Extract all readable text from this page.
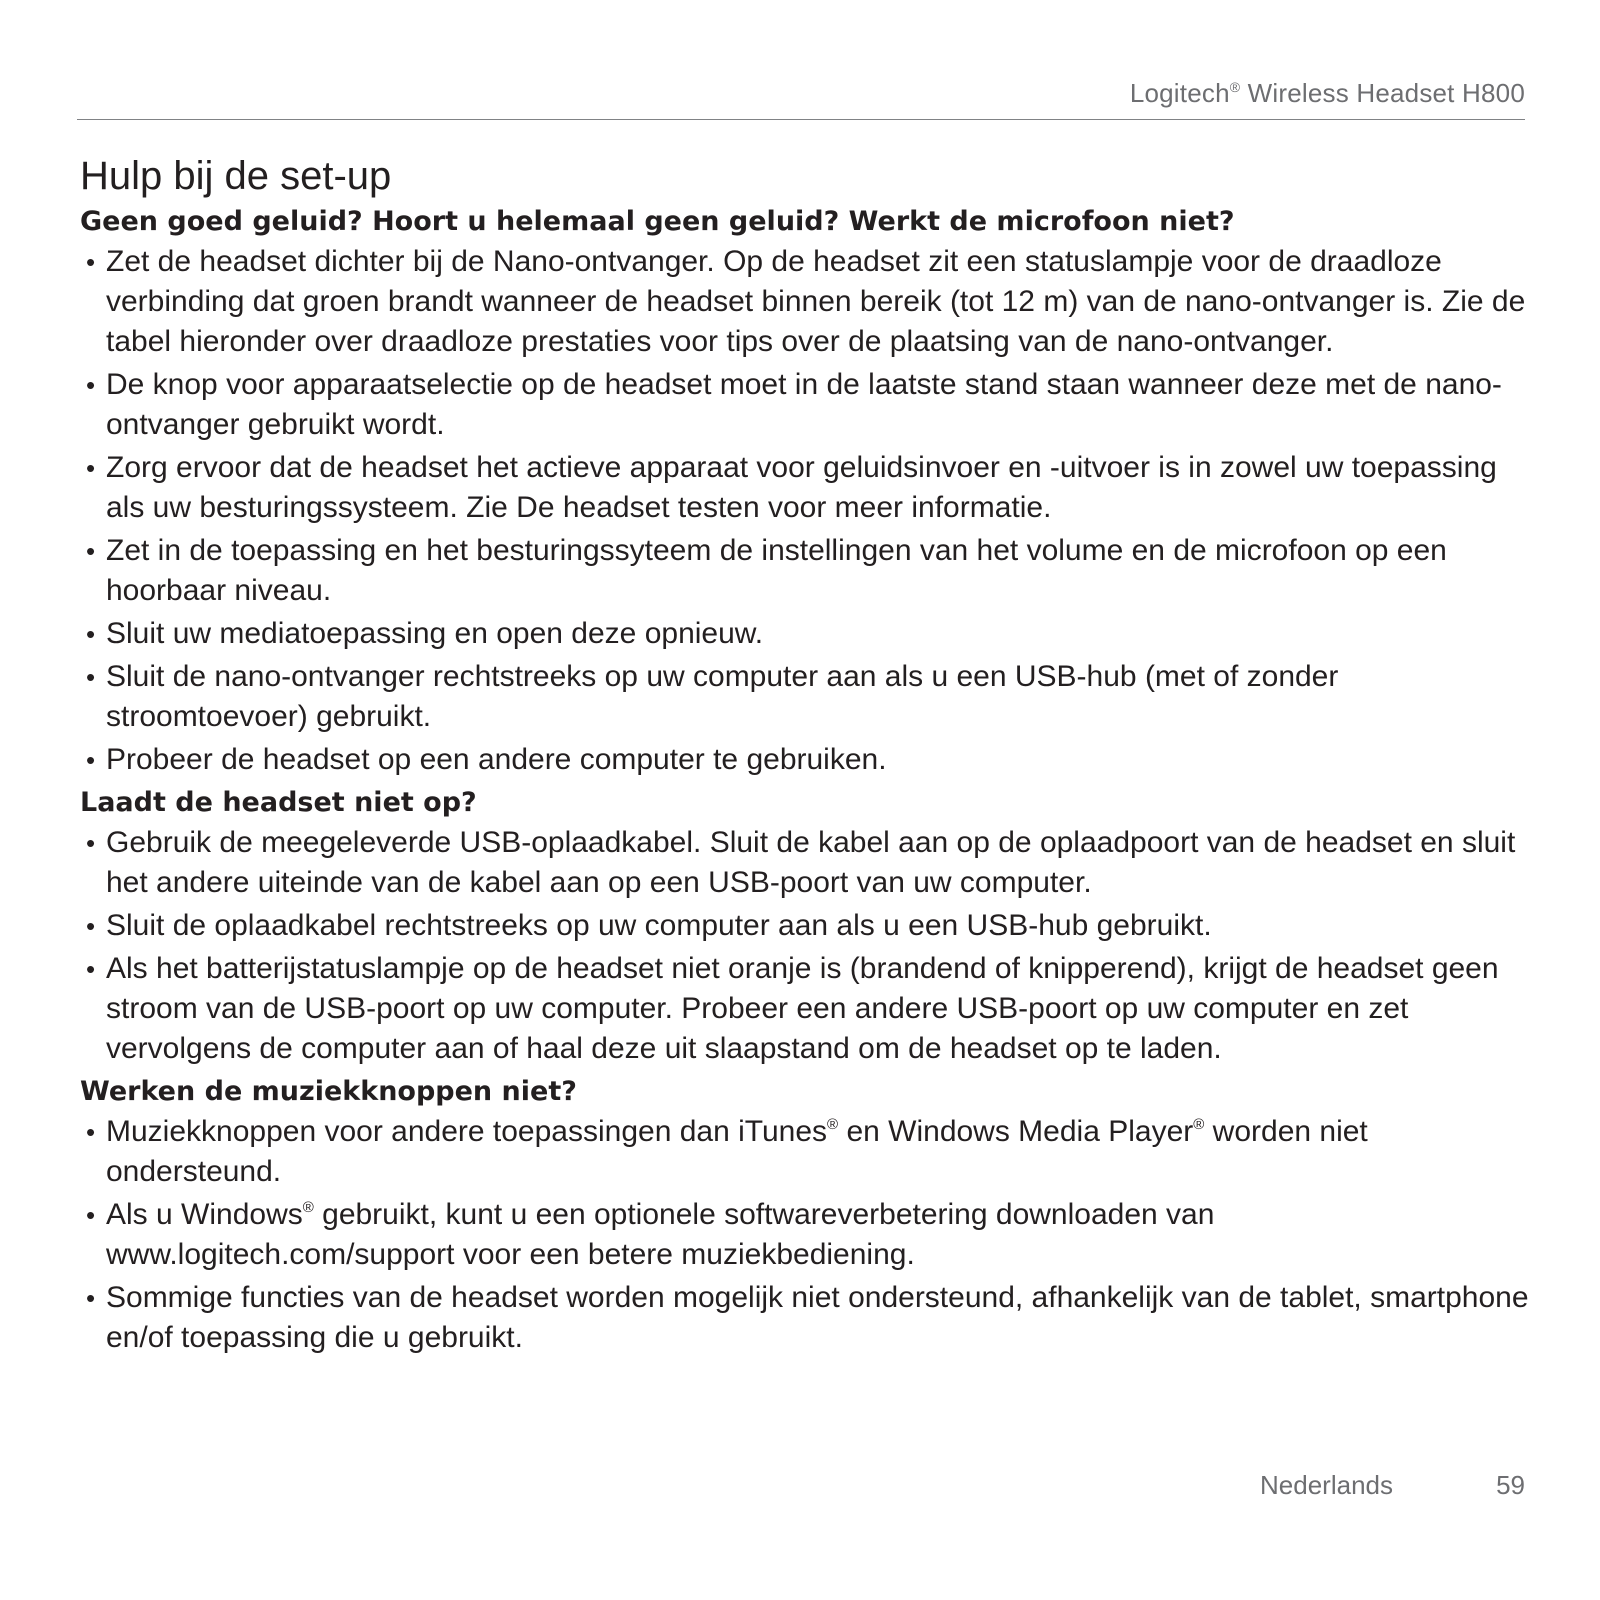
Logitech® Wireless Headset H800
Hulp bij de set-up
Geen goed geluid? Hoort u helemaal geen geluid? Werkt de microfoon niet?
• Zet de headset dichter bij de Nano-ontvanger. Op de headset zit een statuslampje voor de draadloze verbinding dat groen brandt wanneer de headset binnen bereik (tot 12 m) van de nano-ontvanger is. Zie de tabel hieronder over draadloze prestaties voor tips over de plaatsing van de nano-ontvanger.
• De knop voor apparaatselectie op de headset moet in de laatste stand staan wanneer deze met de nano-ontvanger gebruikt wordt.
• Zorg ervoor dat de headset het actieve apparaat voor geluidsinvoer en -uitvoer is in zowel uw toepassing als uw besturingssysteem. Zie De headset testen voor meer informatie.
• Zet in de toepassing en het besturingssyteem de instellingen van het volume en de microfoon op een hoorbaar niveau.
• Sluit uw mediatoepassing en open deze opnieuw.
• Sluit de nano-ontvanger rechtstreeks op uw computer aan als u een USB-hub (met of zonder stroomtoevoer) gebruikt.
• Probeer de headset op een andere computer te gebruiken.
Laadt de headset niet op?
• Gebruik de meegeleverde USB-oplaadkabel. Sluit de kabel aan op de oplaadpoort van de headset en sluit het andere uiteinde van de kabel aan op een USB-poort van uw computer.
• Sluit de oplaadkabel rechtstreeks op uw computer aan als u een USB-hub gebruikt.
• Als het batterijstatuslampje op de headset niet oranje is (brandend of knipperend), krijgt de headset geen stroom van de USB-poort op uw computer. Probeer een andere USB-poort op uw computer en zet vervolgens de computer aan of haal deze uit slaapstand om de headset op te laden.
Werken de muziekknoppen niet?
• Muziekknoppen voor andere toepassingen dan iTunes® en Windows Media Player® worden niet ondersteund.
• Als u Windows® gebruikt, kunt u een optionele softwareverbetering downloaden van www.logitech.com/support voor een betere muziekbediening.
• Sommige functies van de headset worden mogelijk niet ondersteund, afhankelijk van de tablet, smartphone en/of toepassing die u gebruikt.
Nederlands	59
